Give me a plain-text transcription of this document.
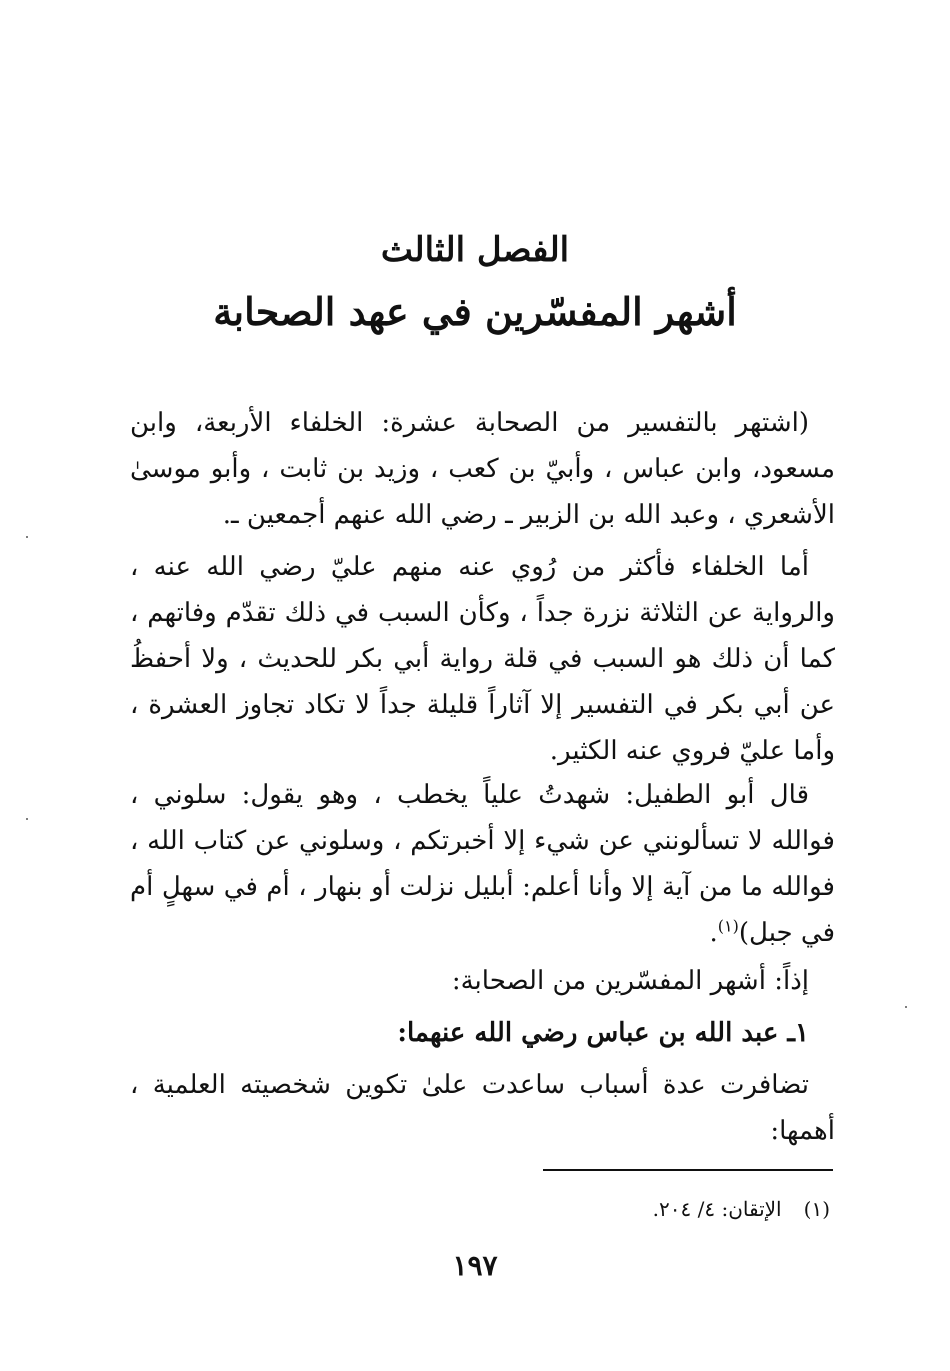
الفصل الثالث
أشهر المفسّرين في عهد الصحابة

(اشتهر بالتفسير من الصحابة عشرة: الخلفاء الأربعة، وابن مسعود، وابن عباس ، وأبيّ بن كعب ، وزيد بن ثابت ، وأبو موسىٰ الأشعري ، وعبد الله بن الزبير ـ رضي الله عنهم أجمعين ـ.

أما الخلفاء فأكثر من رُوي عنه منهم عليّ رضي الله عنه ، والرواية عن الثلاثة نزرة جداً ، وكأن السبب في ذلك تقدّم وفاتهم ، كما أن ذلك هو السبب في قلة رواية أبي بكر للحديث ، ولا أحفظُ عن أبي بكر في التفسير إلا آثاراً قليلة جداً لا تكاد تجاوز العشرة ، وأما عليّ فروي عنه الكثير.

قال أبو الطفيل: شهدتُ علياً يخطب ، وهو يقول: سلوني ، فوالله لا تسألونني عن شيء إلا أخبرتكم ، وسلوني عن كتاب الله ، فوالله ما من آية إلا وأنا أعلم: أبليل نزلت أو بنهار ، أم في سهلٍ أم في جبل)$^{(١)}$.

إذاً: أشهر المفسّرين من الصحابة:

١ـ عبد الله بن عباس رضي الله عنهما:

تضافرت عدة أسباب ساعدت علىٰ تكوين شخصيته العلمية ، أهمها:

(١)الإتقان: ٤/ ٢٠٤.
١٩٧
